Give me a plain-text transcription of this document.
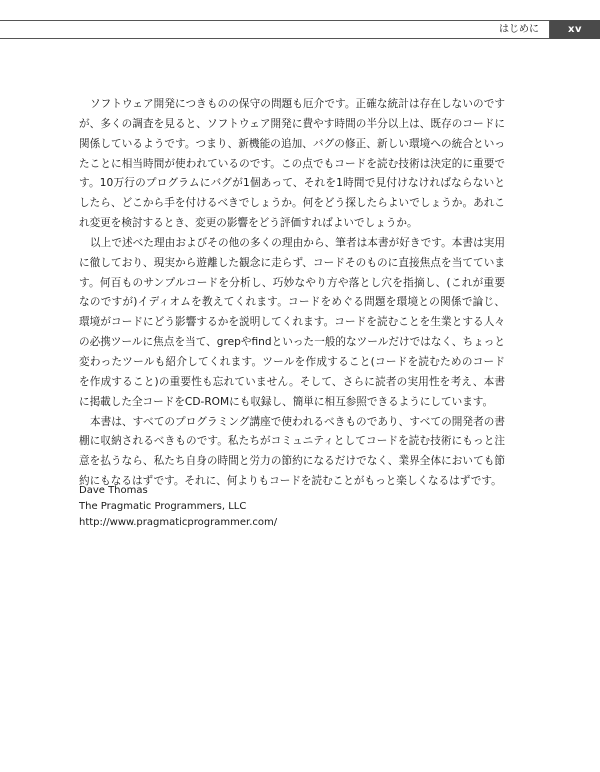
はじめに	xv

ソフトウェア開発につきものの保守の問題も厄介です。正確な統計は存在しないのですが、多くの調査を見ると、ソフトウェア開発に費やす時間の半分以上は、既存のコードに関係しているようです。つまり、新機能の追加、バグの修正、新しい環境への統合といったことに相当時間が使われているのです。この点でもコードを読む技術は決定的に重要です。10万行のプログラムにバグが1個あって、それを1時間で見付けなければならないとしたら、どこから手を付けるべきでしょうか。何をどう探したらよいでしょうか。あれこれ変更を検討するとき、変更の影響をどう評価すればよいでしょうか。

以上で述べた理由およびその他の多くの理由から、筆者は本書が好きです。本書は実用に徹しており、現実から遊離した観念に走らず、コードそのものに直接焦点を当てています。何百ものサンプルコードを分析し、巧妙なやり方や落とし穴を指摘し、(これが重要なのですが)イディオムを教えてくれます。コードをめぐる問題を環境との関係で論じ、環境がコードにどう影響するかを説明してくれます。コードを読むことを生業とする人々の必携ツールに焦点を当て、grepやfindといった一般的なツールだけではなく、ちょっと変わったツールも紹介してくれます。ツールを作成すること(コードを読むためのコードを作成すること)の重要性も忘れていません。そして、さらに読者の実用性を考え、本書に掲載した全コードをCD-ROMにも収録し、簡単に相互参照できるようにしています。

本書は、すべてのプログラミング講座で使われるべきものであり、すべての開発者の書棚に収納されるべきものです。私たちがコミュニティとしてコードを読む技術にもっと注意を払うなら、私たち自身の時間と労力の節約になるだけでなく、業界全体においても節約にもなるはずです。それに、何よりもコードを読むことがもっと楽しくなるはずです。

Dave Thomas
The Pragmatic Programmers, LLC
http://www.pragmaticprogrammer.com/
